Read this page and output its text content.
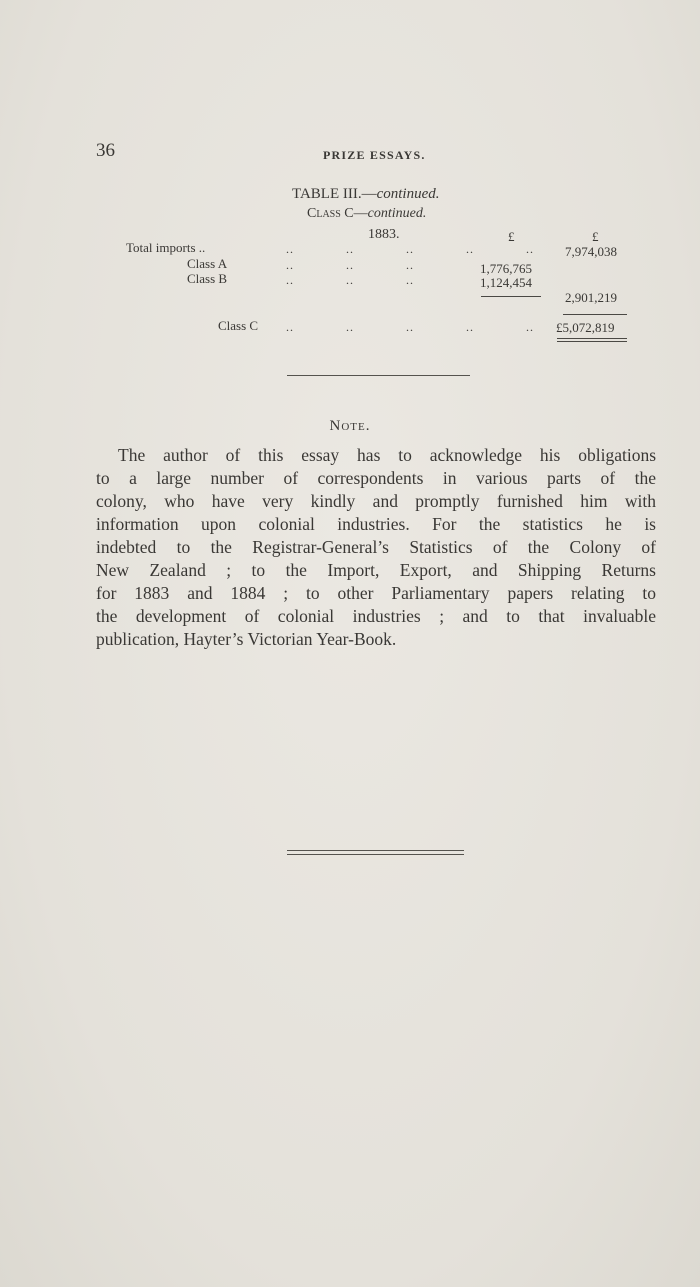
36	PRIZE ESSAYS.
TABLE III.—continued.
Class C—continued.
1883.	£	£
Total imports ..	..	..	..	..	.. 7,974,038
Class A	..	..	..	1,776,765
Class B	..	..	..	1,124,454
2,901,219
Class C ..	..	..	..	.. £5,072,819
Note.
The author of this essay has to acknowledge his obligations
to a large number of correspondents in various parts of the
colony, who have very kindly and promptly furnished him with
information upon colonial industries. For the statistics he is
indebted to the Registrar-General’s Statistics of the Colony of
New Zealand ; to the Import, Export, and Shipping Returns
for 1883 and 1884 ; to other Parliamentary papers relating to
the development of colonial industries ; and to that invaluable
publication, Hayter’s Victorian Year-Book.
